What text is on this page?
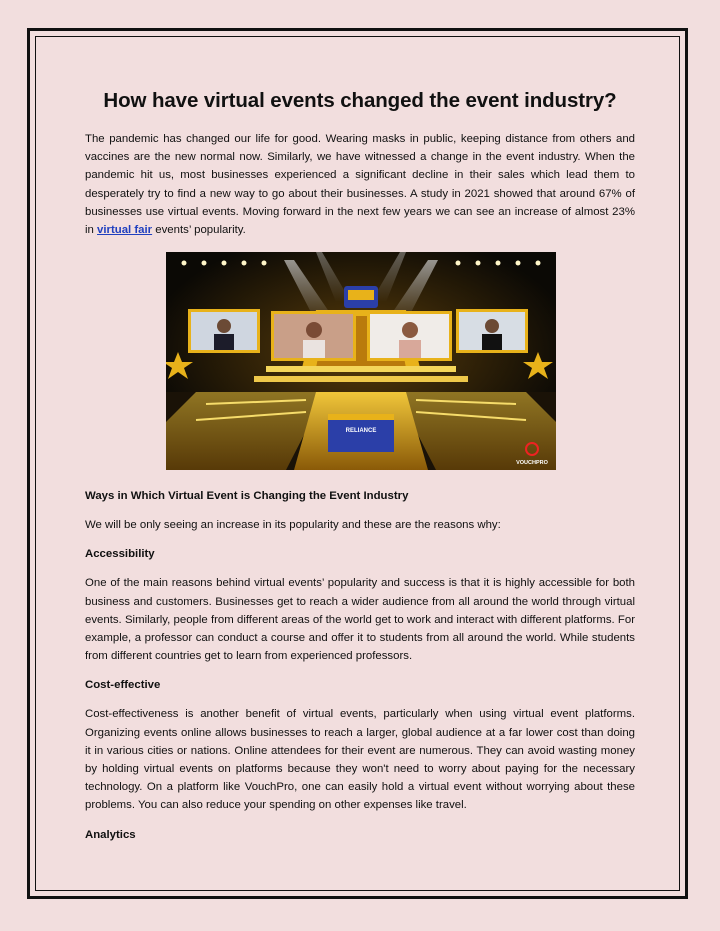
How have virtual events changed the event industry?

The pandemic has changed our life for good. Wearing masks in public, keeping distance from others and vaccines are the new normal now. Similarly, we have witnessed a change in the event industry. When the pandemic hit us, most businesses experienced a significant decline in their sales which lead them to desperately try to find a new way to go about their businesses. A study in 2021 showed that around 67% of businesses use virtual events. Moving forward in the next few years we can see an increase of almost 23% in virtual fair events’ popularity.

RELIANCE
VOUCHPRO

Ways in Which Virtual Event is Changing the Event Industry

We will be only seeing an increase in its popularity and these are the reasons why:

Accessibility

One of the main reasons behind virtual events’ popularity and success is that it is highly accessible for both business and customers. Businesses get to reach a wider audience from all around the world through virtual events. Similarly, people from different areas of the world get to work and interact with different platforms. For example, a professor can conduct a course and offer it to students from all around the world. While students from different countries get to learn from experienced professors.

Cost-effective

Cost-effectiveness is another benefit of virtual events, particularly when using virtual event platforms. Organizing events online allows businesses to reach a larger, global audience at a far lower cost than doing it in various cities or nations. Online attendees for their event are numerous. They can avoid wasting money by holding virtual events on platforms because they won't need to worry about paying for the necessary technology. On a platform like VouchPro, one can easily hold a virtual event without worrying about these problems. You can also reduce your spending on other expenses like travel.

Analytics
